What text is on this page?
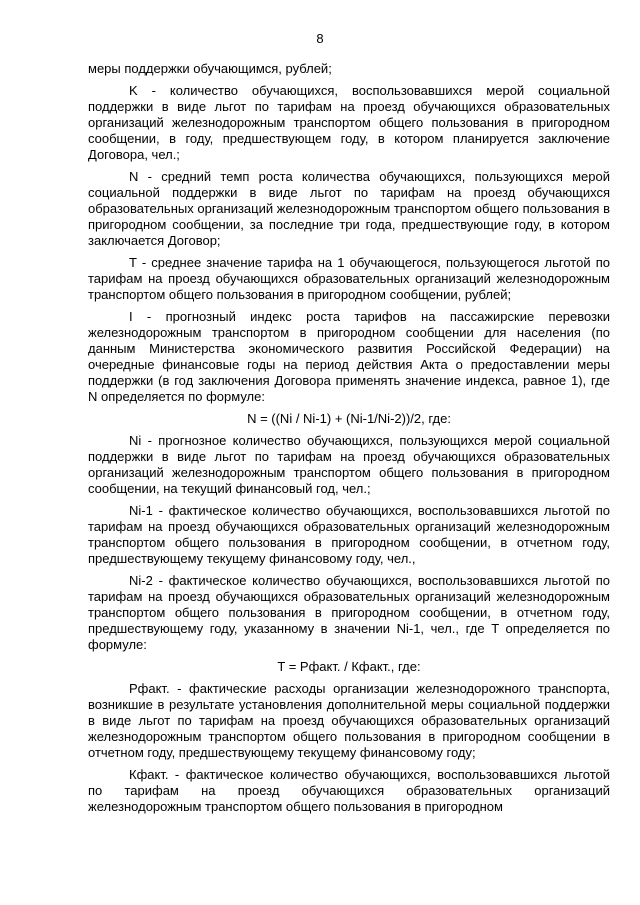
8

меры поддержки обучающимся, рублей;

K - количество обучающихся, воспользовавшихся мерой социальной поддержки в виде льгот по тарифам на проезд обучающихся образовательных организаций железнодорожным транспортом общего пользования в пригородном сообщении, в году, предшествующем году, в котором планируется заключение Договора, чел.;

N - средний темп роста количества обучающихся, пользующихся мерой социальной поддержки в виде льгот по тарифам на проезд обучающихся образовательных организаций железнодорожным транспортом общего пользования в пригородном сообщении, за последние три года, предшествующие году, в котором заключается Договор;

T - среднее значение тарифа на 1 обучающегося, пользующегося льготой по тарифам на проезд обучающихся образовательных организаций железнодорожным транспортом общего пользования в пригородном сообщении, рублей;

I - прогнозный индекс роста тарифов на пассажирские перевозки железнодорожным транспортом в пригородном сообщении для населения (по данным Министерства экономического развития Российской Федерации) на очередные финансовые годы на период действия Акта о предоставлении меры поддержки (в год заключения Договора применять значение индекса, равное 1), где N определяется по формуле:

N = ((Ni / Ni-1) + (Ni-1/Ni-2))/2, где:

Ni - прогнозное количество обучающихся, пользующихся мерой социальной поддержки в виде льгот по тарифам на проезд обучающихся образовательных организаций железнодорожным транспортом общего пользования в пригородном сообщении, на текущий финансовый год, чел.;

Ni-1 - фактическое количество обучающихся, воспользовавшихся льготой по тарифам на проезд обучающихся образовательных организаций железнодорожным транспортом общего пользования в пригородном сообщении, в отчетном году, предшествующему текущему финансовому году, чел.,

Ni-2 - фактическое количество обучающихся, воспользовавшихся льготой по тарифам на проезд обучающихся образовательных организаций железнодорожным транспортом общего пользования в пригородном сообщении, в отчетном году, предшествующему году, указанному в значении Ni-1, чел., где T определяется по формуле:

T = Рфакт. / Кфакт., где:

Рфакт. - фактические расходы организации железнодорожного транспорта, возникшие в результате установления дополнительной меры социальной поддержки в виде льгот по тарифам на проезд обучающихся образовательных организаций железнодорожным транспортом общего пользования в пригородном сообщении в отчетном году, предшествующему текущему финансовому году;

Кфакт. - фактическое количество обучающихся, воспользовавшихся льготой по тарифам на проезд обучающихся образовательных организаций железнодорожным транспортом общего пользования в пригородном
